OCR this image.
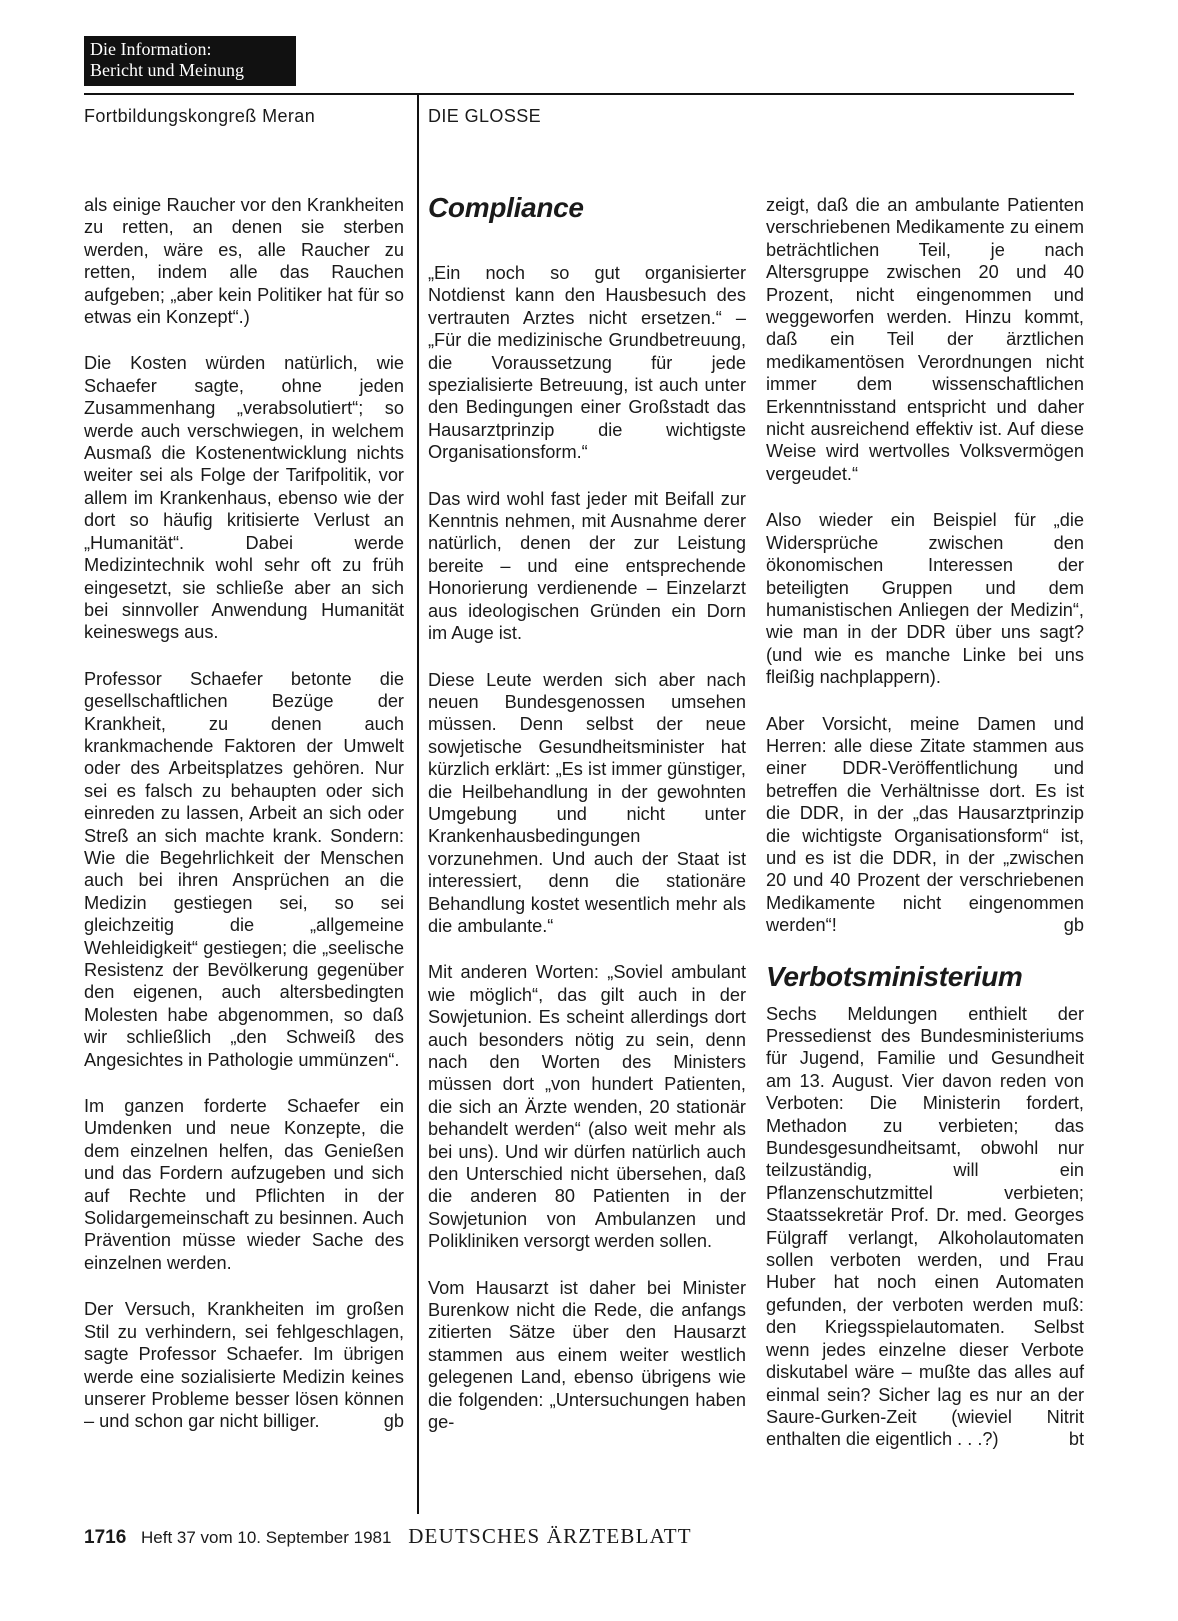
Die Information:
Bericht und Meinung
Fortbildungskongreß Meran	DIE GLOSSE

als einige Raucher vor den Krankheiten zu retten, an denen sie sterben werden, wäre es, alle Raucher zu retten, indem alle das Rauchen aufgeben; „aber kein Politiker hat für so etwas ein Konzept“.)

Die Kosten würden natürlich, wie Schaefer sagte, ohne jeden Zusammenhang „verabsolutiert“; so werde auch verschwiegen, in welchem Ausmaß die Kostenentwicklung nichts weiter sei als Folge der Tarifpolitik, vor allem im Krankenhaus, ebenso wie der dort so häufig kritisierte Verlust an „Humanität“. Dabei werde Medizintechnik wohl sehr oft zu früh eingesetzt, sie schließe aber an sich bei sinnvoller Anwendung Humanität keineswegs aus.

Professor Schaefer betonte die gesellschaftlichen Bezüge der Krankheit, zu denen auch krankmachende Faktoren der Umwelt oder des Arbeitsplatzes gehören. Nur sei es falsch zu behaupten oder sich einreden zu lassen, Arbeit an sich oder Streß an sich machte krank. Sondern: Wie die Begehrlichkeit der Menschen auch bei ihren Ansprüchen an die Medizin gestiegen sei, so sei gleichzeitig die „allgemeine Wehleidigkeit“ gestiegen; die „seelische Resistenz der Bevölkerung gegenüber den eigenen, auch altersbedingten Molesten habe abgenommen, so daß wir schließlich „den Schweiß des Angesichtes in Pathologie ummünzen“.

Im ganzen forderte Schaefer ein Umdenken und neue Konzepte, die dem einzelnen helfen, das Genießen und das Fordern aufzugeben und sich auf Rechte und Pflichten in der Solidargemeinschaft zu besinnen. Auch Prävention müsse wieder Sache des einzelnen werden.

Der Versuch, Krankheiten im großen Stil zu verhindern, sei fehlgeschlagen, sagte Professor Schaefer. Im übrigen werde eine sozialisierte Medizin keines unserer Probleme besser lösen können – und schon gar nicht billiger.	gb

Compliance

„Ein noch so gut organisierter Notdienst kann den Hausbesuch des vertrauten Arztes nicht ersetzen.“ – „Für die medizinische Grundbetreuung, die Voraussetzung für jede spezialisierte Betreuung, ist auch unter den Bedingungen einer Großstadt das Hausarztprinzip die wichtigste Organisationsform.“

Das wird wohl fast jeder mit Beifall zur Kenntnis nehmen, mit Ausnahme derer natürlich, denen der zur Leistung bereite – und eine entsprechende Honorierung verdienende – Einzelarzt aus ideologischen Gründen ein Dorn im Auge ist.

Diese Leute werden sich aber nach neuen Bundesgenossen umsehen müssen. Denn selbst der neue sowjetische Gesundheitsminister hat kürzlich erklärt: „Es ist immer günstiger, die Heilbehandlung in der gewohnten Umgebung und nicht unter Krankenhausbedingungen vorzunehmen. Und auch der Staat ist interessiert, denn die stationäre Behandlung kostet wesentlich mehr als die ambulante.“

Mit anderen Worten: „Soviel ambulant wie möglich“, das gilt auch in der Sowjetunion. Es scheint allerdings dort auch besonders nötig zu sein, denn nach den Worten des Ministers müssen dort „von hundert Patienten, die sich an Ärzte wenden, 20 stationär behandelt werden“ (also weit mehr als bei uns). Und wir dürfen natürlich auch den Unterschied nicht übersehen, daß die anderen 80 Patienten in der Sowjetunion von Ambulanzen und Polikliniken versorgt werden sollen.

Vom Hausarzt ist daher bei Minister Burenkow nicht die Rede, die anfangs zitierten Sätze über den Hausarzt stammen aus einem weiter westlich gelegenen Land, ebenso übrigens wie die folgenden: „Untersuchungen haben ge-

zeigt, daß die an ambulante Patienten verschriebenen Medikamente zu einem beträchtlichen Teil, je nach Altersgruppe zwischen 20 und 40 Prozent, nicht eingenommen und weggeworfen werden. Hinzu kommt, daß ein Teil der ärztlichen medikamentösen Verordnungen nicht immer dem wissenschaftlichen Erkenntnisstand entspricht und daher nicht ausreichend effektiv ist. Auf diese Weise wird wertvolles Volksvermögen vergeudet.“

Also wieder ein Beispiel für „die Widersprüche zwischen den ökonomischen Interessen der beteiligten Gruppen und dem humanistischen Anliegen der Medizin“, wie man in der DDR über uns sagt? (und wie es manche Linke bei uns fleißig nachplappern).

Aber Vorsicht, meine Damen und Herren: alle diese Zitate stammen aus einer DDR-Veröffentlichung und betreffen die Verhältnisse dort. Es ist die DDR, in der „das Hausarztprinzip die wichtigste Organisationsform“ ist, und es ist die DDR, in der „zwischen 20 und 40 Prozent der verschriebenen Medikamente nicht eingenommen werden“!	gb

Verbotsministerium

Sechs Meldungen enthielt der Pressedienst des Bundesministeriums für Jugend, Familie und Gesundheit am 13. August. Vier davon reden von Verboten: Die Ministerin fordert, Methadon zu verbieten; das Bundesgesundheitsamt, obwohl nur teilzuständig, will ein Pflanzenschutzmittel verbieten; Staatssekretär Prof. Dr. med. Georges Fülgraff verlangt, Alkoholautomaten sollen verboten werden, und Frau Huber hat noch einen Automaten gefunden, der verboten werden muß: den Kriegsspielautomaten. Selbst wenn jedes einzelne dieser Verbote diskutabel wäre – mußte das alles auf einmal sein? Sicher lag es nur an der Saure-Gurken-Zeit (wieviel Nitrit enthalten die eigentlich . . .?)	bt

1716 Heft 37 vom 10. September 1981 DEUTSCHES ÄRZTEBLATT
